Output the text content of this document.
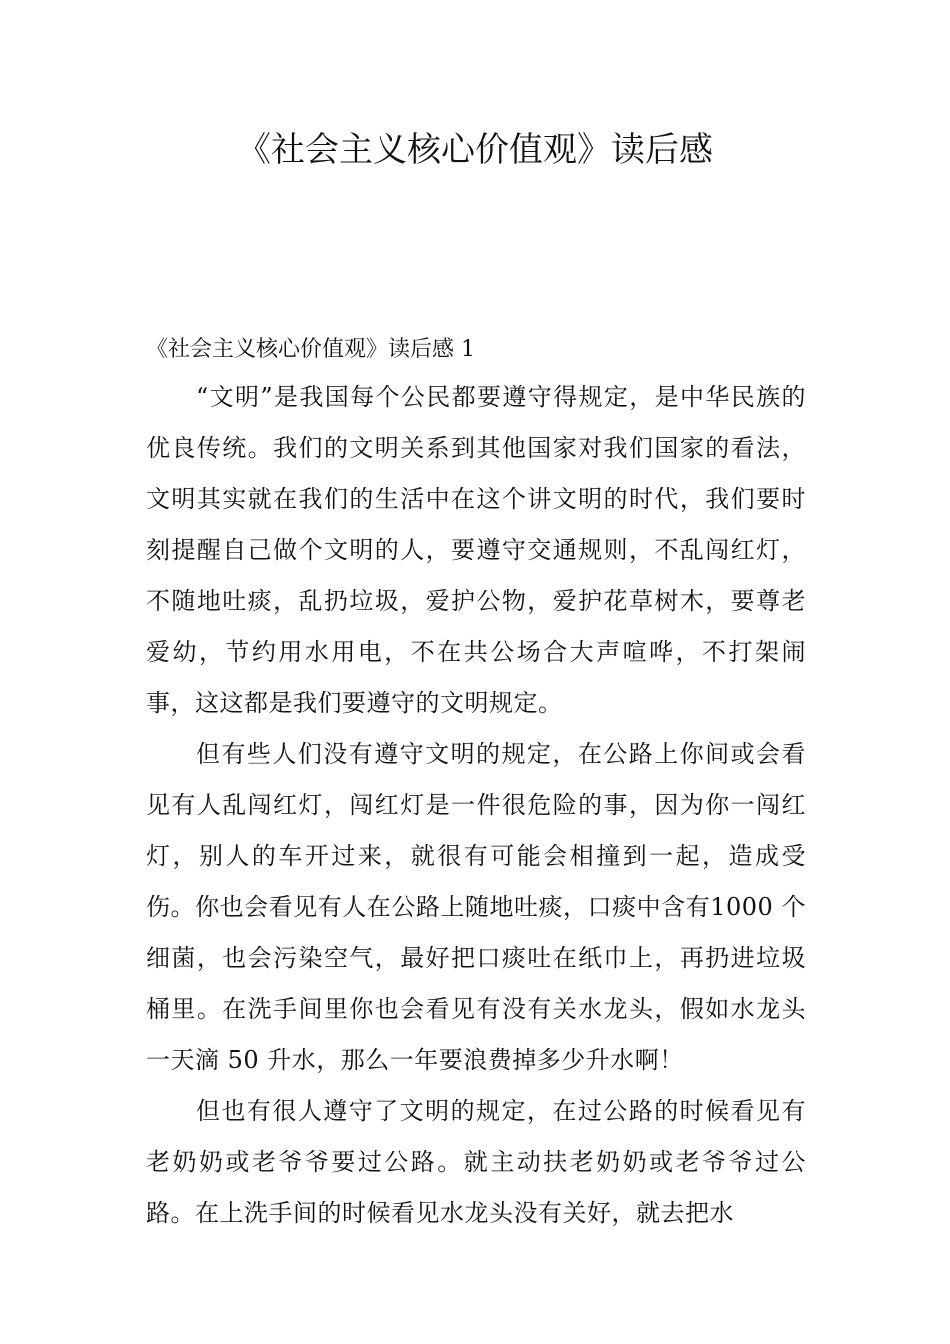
《社会主义核心价值观》读后感
《社会主义核心价值观》读后感 1

“文明”是我国每个公民都要遵守得规定，是中华民族的优良传统。我们的文明关系到其他国家对我们国家的看法，文明其实就在我们的生活中在这个讲文明的时代，我们要时刻提醒自己做个文明的人，要遵守交通规则，不乱闯红灯，不随地吐痰，乱扔垃圾，爱护公物，爱护花草树木，要尊老爱幼，节约用水用电，不在共公场合大声喧哗，不打架闹事，这这都是我们要遵守的文明规定。

但有些人们没有遵守文明的规定，在公路上你间或会看见有人乱闯红灯，闯红灯是一件很危险的事，因为你一闯红灯，别人的车开过来，就很有可能会相撞到一起，造成受伤。你也会看见有人在公路上随地吐痰，口痰中含有1000 个细菌，也会污染空气，最好把口痰吐在纸巾上，再扔进垃圾桶里。在洗手间里你也会看见有没有关水龙头，假如水龙头一天滴 50 升水，那么一年要浪费掉多少升水啊！

但也有很人遵守了文明的规定，在过公路的时候看见有老奶奶或老爷爷要过公路。就主动扶老奶奶或老爷爷过公路。在上洗手间的时候看见水龙头没有关好，就去把水
